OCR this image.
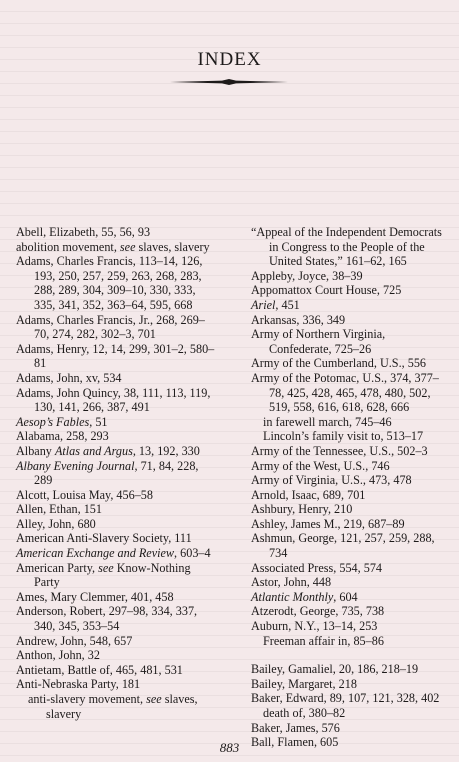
INDEX

Abell, Elizabeth, 55, 56, 93

abolition movement, see slaves, slavery

Adams, Charles Francis, 113–14, 126, 193, 250, 257, 259, 263, 268, 283, 288, 289, 304, 309–10, 330, 333, 335, 341, 352, 363–64, 595, 668

Adams, Charles Francis, Jr., 268, 269–70, 274, 282, 302–3, 701

Adams, Henry, 12, 14, 299, 301–2, 580–81

Adams, John, xv, 534

Adams, John Quincy, 38, 111, 113, 119, 130, 141, 266, 387, 491

Aesop’s Fables, 51

Alabama, 258, 293

Albany Atlas and Argus, 13, 192, 330

Albany Evening Journal, 71, 84, 228, 289

Alcott, Louisa May, 456–58

Allen, Ethan, 151

Alley, John, 680

American Anti-Slavery Society, 111

American Exchange and Review, 603–4

American Party, see Know-Nothing Party

Ames, Mary Clemmer, 401, 458

Anderson, Robert, 297–98, 334, 337, 340, 345, 353–54

Andrew, John, 548, 657

Anthon, John, 32

Antietam, Battle of, 465, 481, 531

Anti-Nebraska Party, 181

anti-slavery movement, see slaves, slavery

“Appeal of the Independent Democrats in Congress to the People of the United States,” 161–62, 165

Appleby, Joyce, 38–39

Appomattox Court House, 725

Ariel, 451

Arkansas, 336, 349

Army of Northern Virginia, Confederate, 725–26

Army of the Cumberland, U.S., 556

Army of the Potomac, U.S., 374, 377–78, 425, 428, 465, 478, 480, 502, 519, 558, 616, 618, 628, 666

in farewell march, 745–46

Lincoln’s family visit to, 513–17

Army of the Tennessee, U.S., 502–3

Army of the West, U.S., 746

Army of Virginia, U.S., 473, 478

Arnold, Isaac, 689, 701

Ashbury, Henry, 210

Ashley, James M., 219, 687–89

Ashmun, George, 121, 257, 259, 288, 734

Associated Press, 554, 574

Astor, John, 448

Atlantic Monthly, 604

Atzerodt, George, 735, 738

Auburn, N.Y., 13–14, 253

Freeman affair in, 85–86

Bailey, Gamaliel, 20, 186, 218–19

Bailey, Margaret, 218

Baker, Edward, 89, 107, 121, 328, 402

death of, 380–82

Baker, James, 576

Ball, Flamen, 605

883
